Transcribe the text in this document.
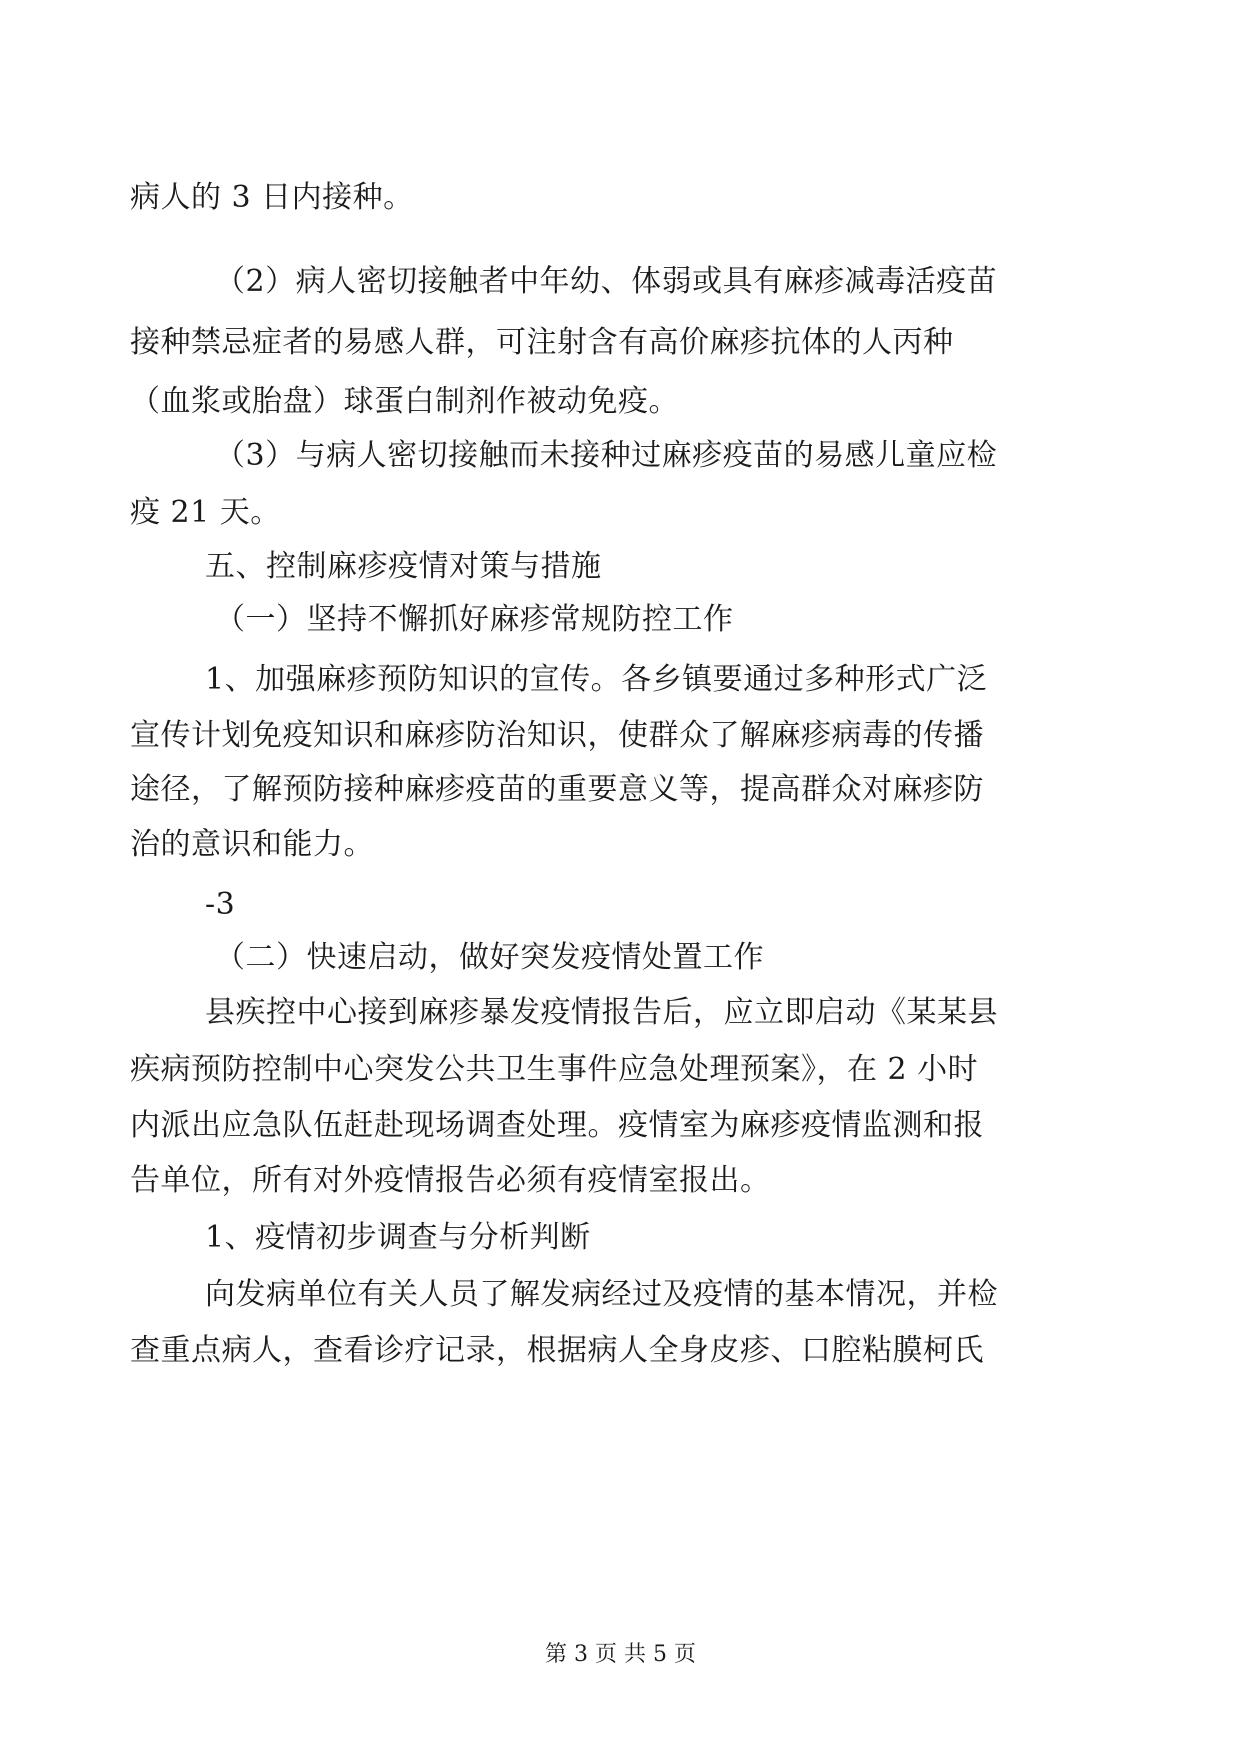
病人的 3 日内接种。
（2）病人密切接触者中年幼、体弱或具有麻疹减毒活疫苗
接种禁忌症者的易感人群，可注射含有高价麻疹抗体的人丙种
（血浆或胎盘）球蛋白制剂作被动免疫。
（3）与病人密切接触而未接种过麻疹疫苗的易感儿童应检
疫 21 天。
五、控制麻疹疫情对策与措施
（一）坚持不懈抓好麻疹常规防控工作
1、加强麻疹预防知识的宣传。各乡镇要通过多种形式广泛
宣传计划免疫知识和麻疹防治知识，使群众了解麻疹病毒的传播
途径，了解预防接种麻疹疫苗的重要意义等，提高群众对麻疹防
治的意识和能力。
-3
（二）快速启动，做好突发疫情处置工作
县疾控中心接到麻疹暴发疫情报告后，应立即启动《某某县
疾病预防控制中心突发公共卫生事件应急处理预案》，在 2 小时
内派出应急队伍赶赴现场调查处理。疫情室为麻疹疫情监测和报
告单位，所有对外疫情报告必须有疫情室报出。
1、疫情初步调查与分析判断
向发病单位有关人员了解发病经过及疫情的基本情况，并检
查重点病人，查看诊疗记录，根据病人全身皮疹、口腔粘膜柯氏
第 3 页 共 5 页
